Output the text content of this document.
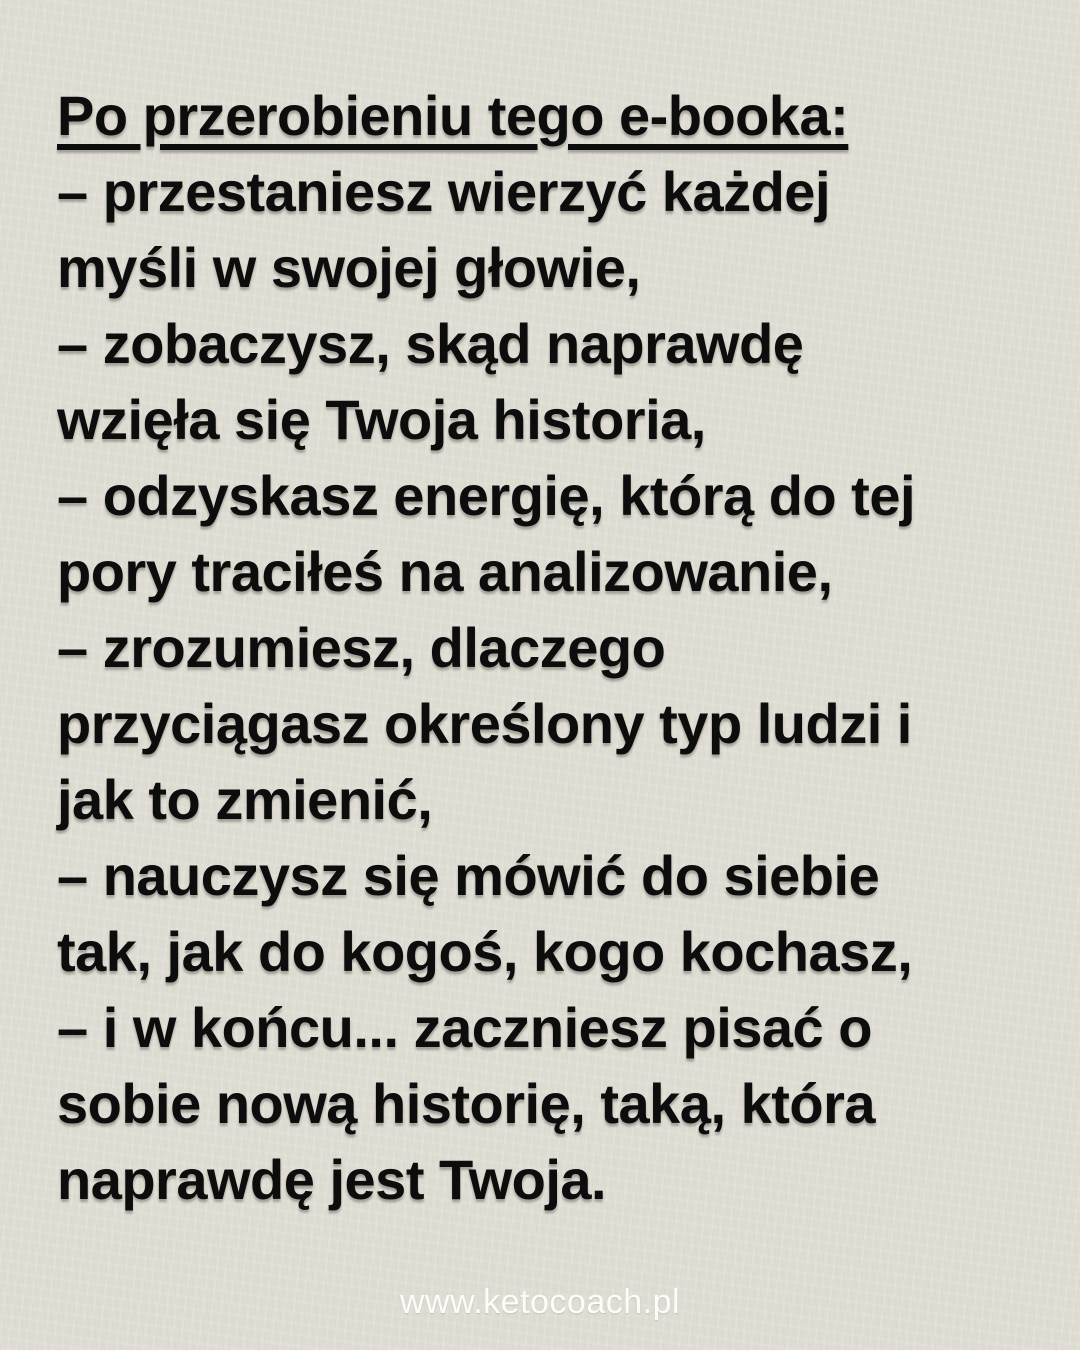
Po przerobieniu tego e-booka:
– przestaniesz wierzyć każdej
myśli w swojej głowie,
– zobaczysz, skąd naprawdę
wzięła się Twoja historia,
– odzyskasz energię, którą do tej
pory traciłeś na analizowanie,
– zrozumiesz, dlaczego
przyciągasz określony typ ludzi i
jak to zmienić,
– nauczysz się mówić do siebie
tak, jak do kogoś, kogo kochasz,
– i w końcu... zaczniesz pisać o
sobie nową historię, taką, która
naprawdę jest Twoja.
www.ketocoach.pl
